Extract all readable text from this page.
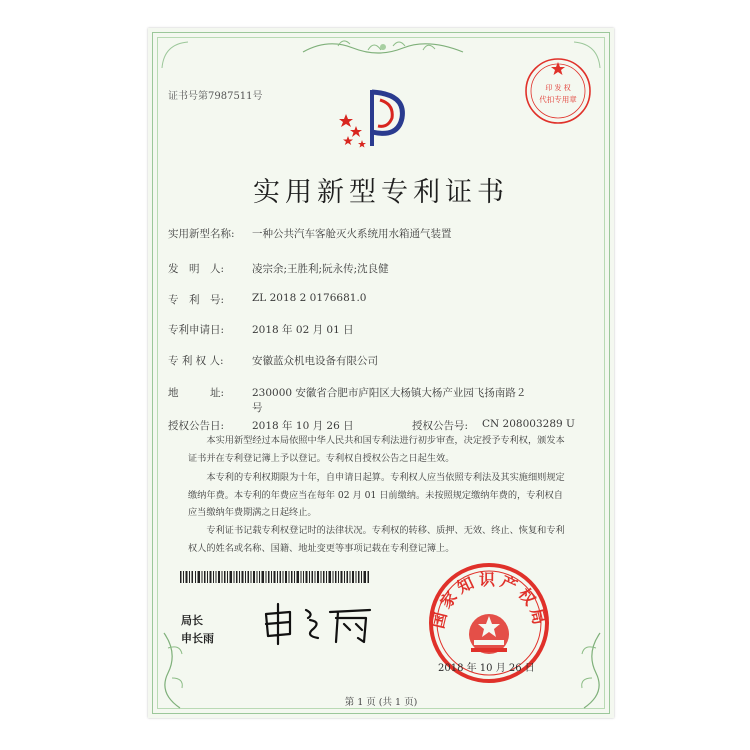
证书号第7987511号
印 发 权
代扣专用章
实用新型专利证书
实用新型名称: 一种公共汽车客舱灭火系统用水箱通气装置
发　明　人:	凌宗余;王胜利;阮永传;沈良健
专　利　号:	ZL 2018 2 0176681.0
专利申请日:	2018 年 02 月 01 日
专 利 权 人:	安徽蓝众机电设备有限公司
地　　　址:	230000 安徽省合肥市庐阳区大杨镇大杨产业园飞扬南路２
号
授权公告日:	2018 年 10 月 26 日	授权公告号: CN 208003289 U
本实用新型经过本局依照中华人民共和国专利法进行初步审查，决定授予专利权，颁发本证书并在专利登记簿上予以登记。专利权自授权公告之日起生效。
本专利的专利权期限为十年，自申请日起算。专利权人应当依照专利法及其实施细则规定缴纳年费。本专利的年费应当在每年 02 月 01 日前缴纳。未按照规定缴纳年费的，专利权自应当缴纳年费期满之日起终止。
专利证书记载专利权登记时的法律状况。专利权的转移、质押、无效、终止、恢复和专利权人的姓名或名称、国籍、地址变更等事项记载在专利登记簿上。
局长
申长雨
国家知识产权局
2018 年 10 月 26 日
第 1 页 (共 1 页)
